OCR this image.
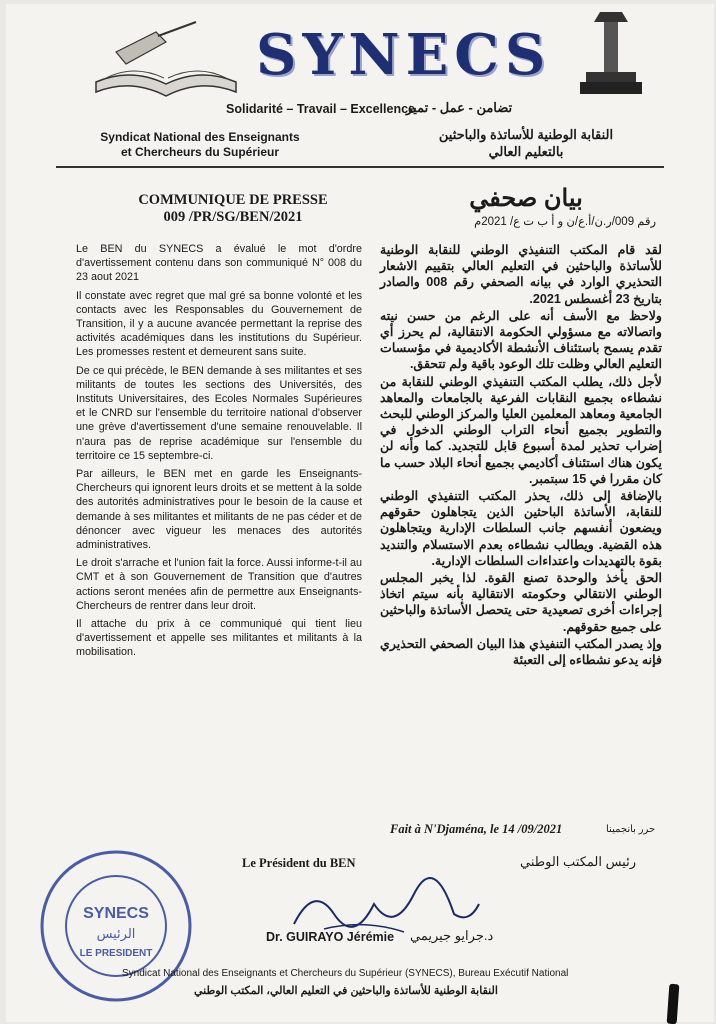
SYNECS
Solidarité – Travail – Excellence
تضامن - عمل - تميز
Syndicat National des Enseignants
et Chercheurs du Supérieur
النقابة الوطنية للأساتذة والباحثين
بالتعليم العالي
COMMUNIQUE DE PRESSE
009 /PR/SG/BEN/2021
بيان صحفي
رقم 009/ر.ن/أ.ع/ن و أ ب ت ع/ 2021م

Le BEN du SYNECS a évalué le mot d'ordre d'avertissement contenu dans son communiqué N° 008 du 23 aout 2021

Il constate avec regret que mal gré sa bonne volonté et les contacts avec les Responsables du Gouvernement de Transition, il y a aucune avancée permettant la reprise des activités académiques dans les institutions du Supérieur. Les promesses restent et demeurent sans suite.

De ce qui précède, le BEN demande à ses militantes et ses militants de toutes les sections des Universités, des Instituts Universitaires, des Ecoles Normales Supérieures et le CNRD sur l'ensemble du territoire national d'observer une grève d'avertissement d'une semaine renouvelable. Il n'aura pas de reprise académique sur l'ensemble du territoire ce 15 septembre-ci.

Par ailleurs, le BEN met en garde les Enseignants-Chercheurs qui ignorent leurs droits et se mettent à la solde des autorités administratives pour le besoin de la cause et demande à ses militantes et militants de ne pas céder et de dénoncer avec vigueur les menaces des autorités administratives.

Le droit s'arrache et l'union fait la force. Aussi informe-t-il au CMT et à son Gouvernement de Transition que d'autres actions seront menées afin de permettre aux Enseignants-Chercheurs de rentrer dans leur droit.

Il attache du prix à ce communiqué qui tient lieu d'avertissement et appelle ses militantes et militants à la mobilisation.

لقد قام المكتب التنفيذي الوطني للنقابة الوطنية للأساتذة والباحثين في التعليم العالي بتقييم الاشعار التحذيري الوارد في بيانه الصحفي رقم 008 والصادر بتاريخ 23 أغسطس 2021.

ولاحظ مع الأسف أنه على الرغم من حسن نيته واتصالاته مع مسؤولي الحكومة الانتقالية، لم يحرز أي تقدم يسمح باستئناف الأنشطة الأكاديمية في مؤسسات التعليم العالي وظلت تلك الوعود باقية ولم تتحقق.

لأجل ذلك، يطلب المكتب التنفيذي الوطني للنقابة من نشطاءه بجميع النقابات الفرعية بالجامعات والمعاهد الجامعية ومعاهد المعلمين العليا والمركز الوطني للبحث والتطوير بجميع أنحاء التراب الوطني الدخول في إضراب تحذير لمدة أسبوع قابل للتجديد. كما وأنه لن يكون هناك استئناف أكاديمي بجميع أنحاء البلاد حسب ما كان مقررا في 15 سبتمبر.

بالإضافة إلى ذلك، يحذر المكتب التنفيذي الوطني للنقابة، الأساتذة الباحثين الذين يتجاهلون حقوقهم ويضعون أنفسهم جانب السلطات الإدارية ويتجاهلون هذه القضية. ويطالب نشطاءه بعدم الاستسلام والتنديد بقوة بالتهديدات واعتداءات السلطات الإدارية.

الحق يأخذ والوحدة تصنع القوة. لذا يخبر المجلس الوطني الانتقالي وحكومته الانتقالية بأنه سيتم اتخاذ إجراءات أخرى تصعيدية حتى يتحصل الأساتذة والباحثين على جميع حقوقهم.

وإذ يصدر المكتب التنفيذي هذا البيان الصحفي التحذيري فإنه يدعو نشطاءه إلى التعبئة

Fait à N'Djaména, le 14 /09/2021	حرر بانجمينا
Le Président du BEN	رئيس المكتب الوطني
Dr. GUIRAYO Jérémie د.جرايو جيريمي
SYNECS
الرئيس
LE PRESIDENT
Syndicat National des Enseignants et Chercheurs du Supérieur (SYNECS), Bureau Exécutif National
النقابة الوطنية للأساتذة والباحثين في التعليم العالي، المكتب الوطني
